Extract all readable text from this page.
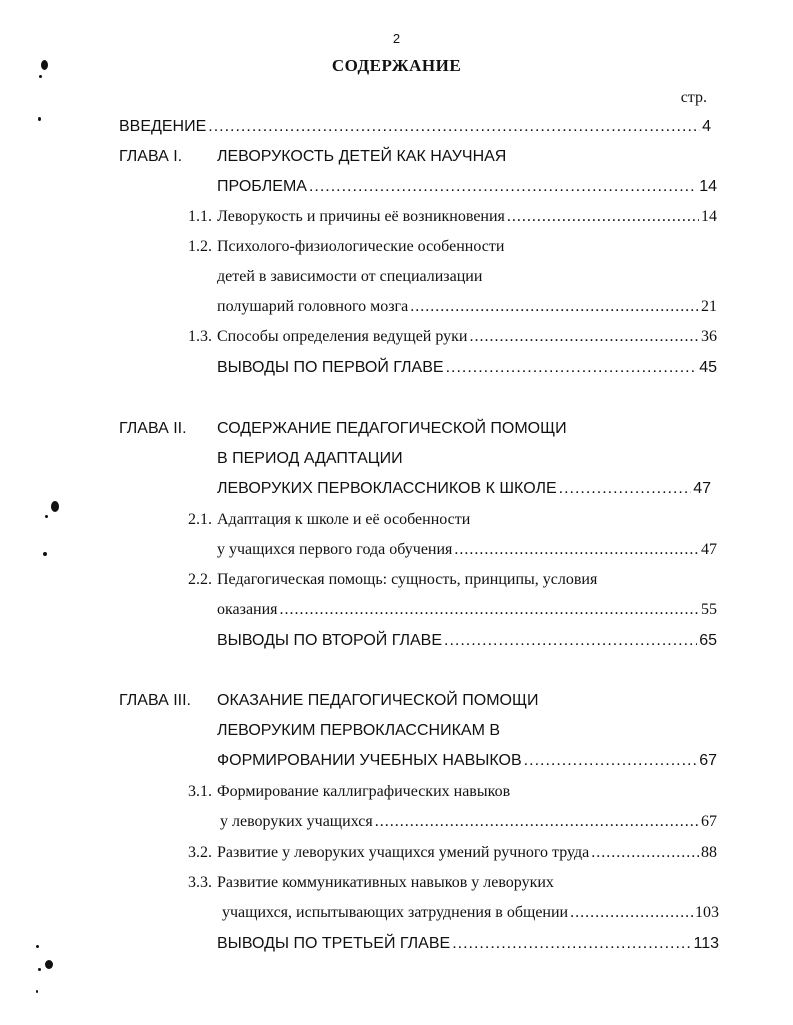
2
СОДЕРЖАНИЕ
стр.
ВВЕДЕНИЕ .....	4
ГЛАВА I. ЛЕВОРУКОСТЬ ДЕТЕЙ КАК НАУЧНАЯ
ПРОБЛЕМА .....	14
1.1. Леворукость и причины её возникновения .....	14
1.2. Психолого-физиологические особенности
детей в зависимости от специализации
полушарий головного мозга .....	21
1.3. Способы определения ведущей руки .....	36
ВЫВОДЫ ПО ПЕРВОЙ ГЛАВЕ .....	45
ГЛАВА II. СОДЕРЖАНИЕ ПЕДАГОГИЧЕСКОЙ ПОМОЩИ
В ПЕРИОД АДАПТАЦИИ
ЛЕВОРУКИХ ПЕРВОКЛАССНИКОВ К ШКОЛЕ .....	47
2.1. Адаптация к школе и её особенности
у учащихся первого года обучения .....	47
2.2. Педагогическая помощь: сущность, принципы, условия
оказания .....	55
ВЫВОДЫ ПО ВТОРОЙ ГЛАВЕ .....	65
ГЛАВА III. ОКАЗАНИЕ ПЕДАГОГИЧЕСКОЙ ПОМОЩИ
ЛЕВОРУКИМ ПЕРВОКЛАССНИКАМ В
ФОРМИРОВАНИИ УЧЕБНЫХ НАВЫКОВ .....	67
3.1. Формирование каллиграфических навыков
у леворуких учащихся .....	67
3.2. Развитие у леворуких учащихся умений ручного труда .....	88
3.3. Развитие коммуникативных навыков у леворуких
учащихся, испытывающих затруднения в общении .....	103
ВЫВОДЫ ПО ТРЕТЬЕЙ ГЛАВЕ .....	113
